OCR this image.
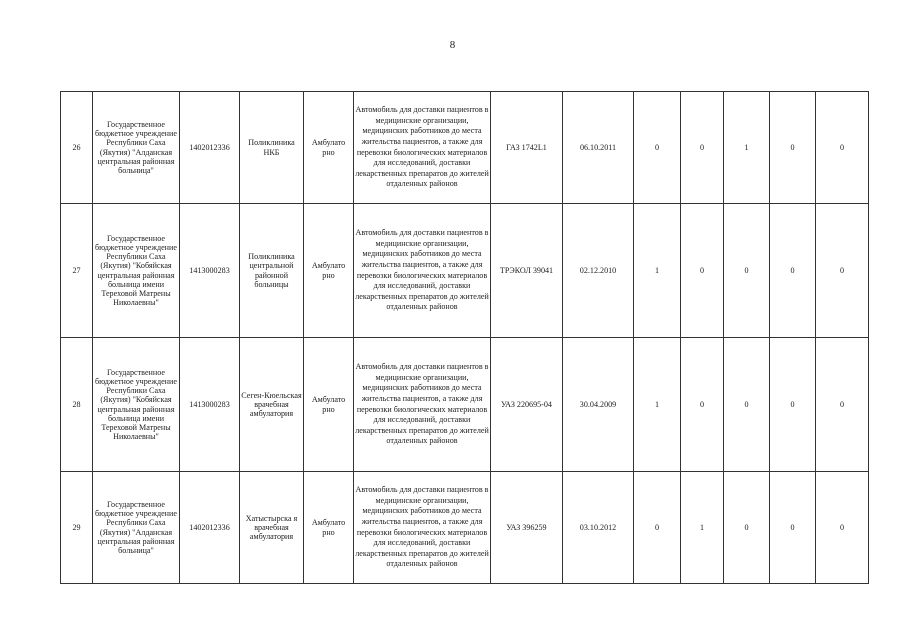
8
26	Государственное бюджетное учреждение Республики Саха (Якутия) "Алданская центральная районная больница"	1402012336	Поликлиника НКБ	Амбулато рно	Автомобиль для доставки пациентов в медицинские организации, медицинских работников до места жительства пациентов, а также для перевозки биологических материалов для исследований, доставки лекарственных препаратов до жителей отдаленных районов	ГАЗ 1742L1	06.10.2011	0	0	1	0	0
27	Государственное бюджетное учреждение Республики Саха (Якутия) "Кобяйская центральная районная больница имени Тереховой Матрены Николаевны"	1413000283	Поликлиника центральной районной больницы	Амбулато рно	Автомобиль для доставки пациентов в медицинские организации, медицинских работников до места жительства пациентов, а также для перевозки биологических материалов для исследований, доставки лекарственных препаратов до жителей отдаленных районов	ТРЭКОЛ 39041	02.12.2010	1	0	0	0	0
28	Государственное бюджетное учреждение Республики Саха (Якутия) "Кобяйская центральная районная больница имени Тереховой Матрены Николаевны"	1413000283	Сеген-Кюельская врачебная амбулатория	Амбулато рно	Автомобиль для доставки пациентов в медицинские организации, медицинских работников до места жительства пациентов, а также для перевозки биологических материалов для исследований, доставки лекарственных препаратов до жителей отдаленных районов	УАЗ 220695-04	30.04.2009	1	0	0	0	0
29	Государственное бюджетное учреждение Республики Саха (Якутия) "Алданская центральная районная больница"	1402012336	Хатыстырска я врачебная амбулатория	Амбулато рно	Автомобиль для доставки пациентов в медицинские организации, медицинских работников до места жительства пациентов, а также для перевозки биологических материалов для исследований, доставки лекарственных препаратов до жителей отдаленных районов	УАЗ 396259	03.10.2012	0	1	0	0	0
